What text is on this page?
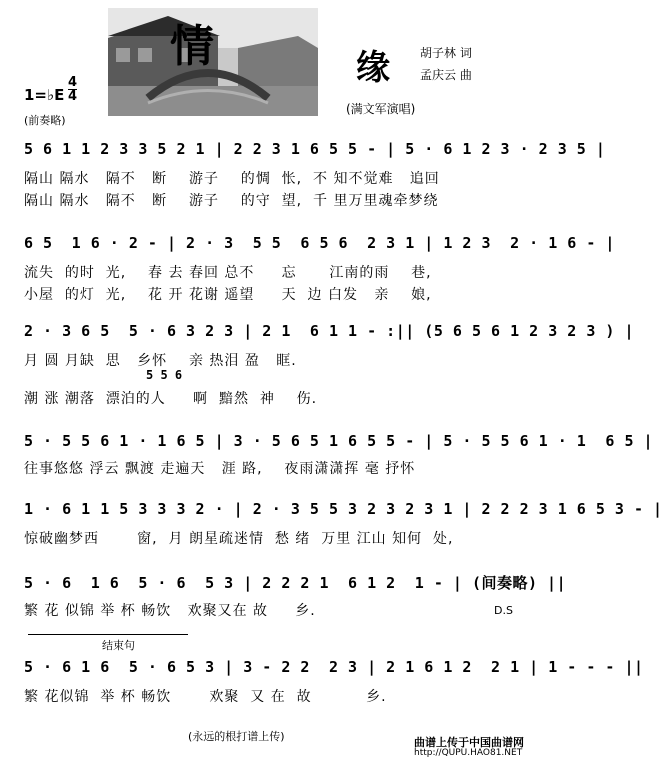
情	缘	胡子林 词
孟庆云 曲
(满文军演唱)
1=♭E
4
4
(前奏略)
5 6 1 1 2 3 3 5 2 1 | 2 2 3 1 6 5 5 - | 5 · 6 1 2 3 · 2 3 5 |
隔山 隔水   隔不   断    游子    的惆  怅,  不 知不觉难   追回
隔山 隔水   隔不   断    游子    的守  望,  千 里万里魂牵梦绕
6 5  1 6 · 2 - | 2 · 3  5 5  6 5 6  2 3 1 | 1 2 3  2 · 1 6 - |
流失  的时  光,    春 去 春回 总不     忘      江南的雨    巷,
小屋  的灯  光,    花 开 花谢 遥望     天  边 白发   亲    娘,
2 · 3 6 5  5 · 6 3 2 3 | 2 1  6 1 1 - :|| (5 6 5 6 1 2 3 2 3 ) |
月 圆 月缺  思   乡怀    亲 热泪 盈   眶.
5 5 6
潮 涨 潮落  漂泊的人     啊  黯然  神    伤.
5 · 5 5 6 1 · 1 6 5 | 3 · 5 6 5 1 6 5 5 - | 5 · 5 5 6 1 · 1  6 5 |
往事悠悠 浮云 飘渡 走遍天   涯 路,    夜雨潇潇挥 毫 抒怀
1 · 6 1 1 5 3 3 3 2 · | 2 · 3 5 5 3 2 3 2 3 1 | 2 2 2 3 1 6 5 3 - |
惊破幽梦西       窗,  月 朗星疏迷情  愁 绪  万里 江山 知何  处,
5 · 6  1 6  5 · 6  5 3 | 2 2 2 1  6 1 2  1 - | (间奏略) ||
繁 花 似锦 举 杯 畅饮   欢聚又在 故     乡.	D.S
结束句
5 · 6 1 6  5 · 6 5 3 | 3 - 2 2  2 3 | 2 1 6 1 2  2 1 | 1 - - - ||
繁 花似锦  举 杯 畅饮       欢聚  又 在  故          乡.
(永远的根打谱上传)	曲谱上传于中国曲谱网
http://QUPU.HAO81.NET
